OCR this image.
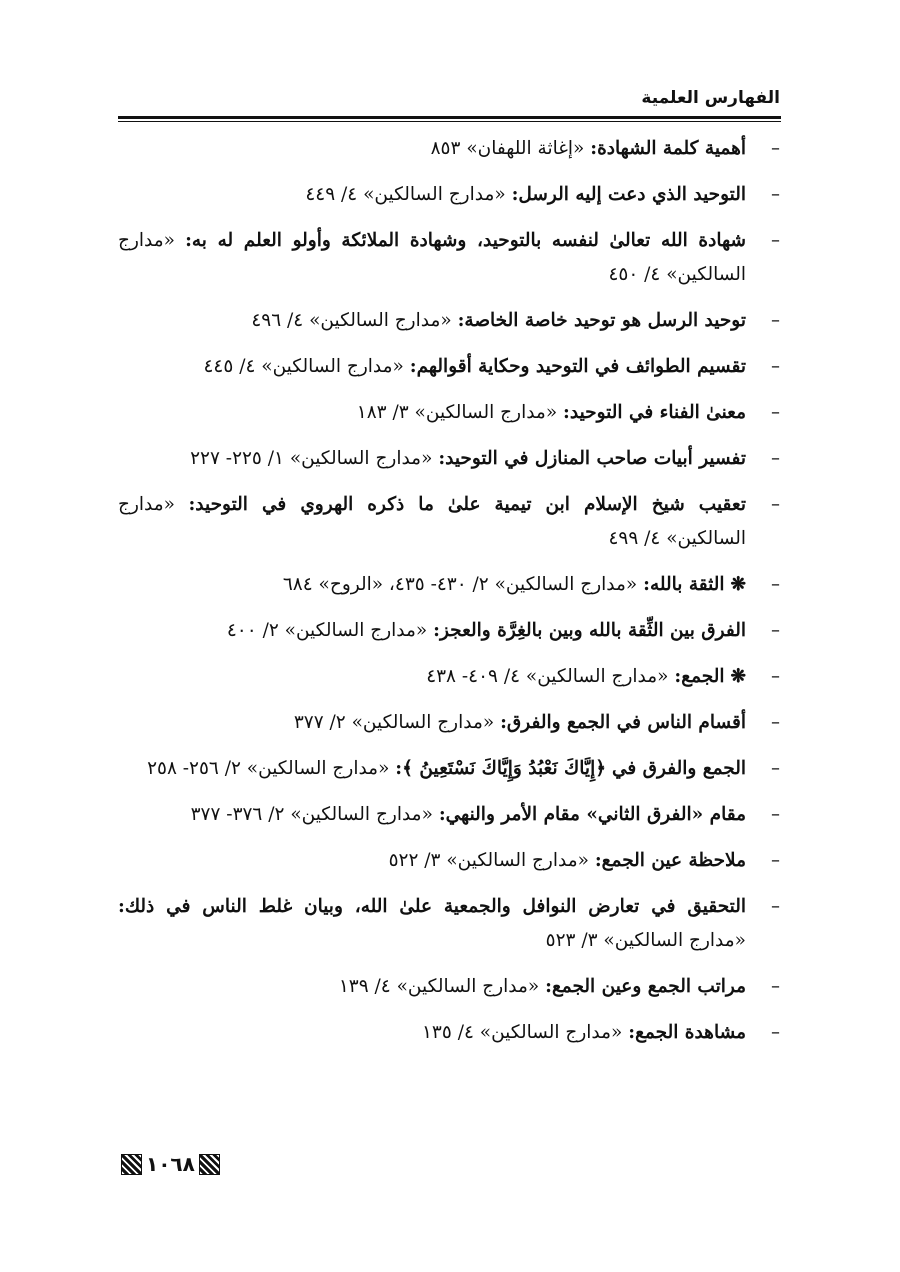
الفهارس العلمية
–
أهمية كلمة الشهادة: «إغاثة اللهفان» ٨٥٣
–
التوحيد الذي دعت إليه الرسل: «مدارج السالكين» ٤/ ٤٤٩
–
شهادة الله تعالىٰ لنفسه بالتوحيد، وشهادة الملائكة وأولو العلم له به: «مدارج السالكين» ٤/ ٤٥٠
–
توحيد الرسل هو توحيد خاصة الخاصة: «مدارج السالكين» ٤/ ٤٩٦
–
تقسيم الطوائف في التوحيد وحكاية أقوالهم: «مدارج السالكين» ٤/ ٤٤٥
–
معنىٰ الفناء في التوحيد: «مدارج السالكين» ٣/ ١٨٣
–
تفسير أبيات صاحب المنازل في التوحيد: «مدارج السالكين» ١/ ٢٢٥- ٢٢٧
–
تعقيب شيخ الإسلام ابن تيمية علىٰ ما ذكره الهروي في التوحيد: «مدارج السالكين» ٤/ ٤٩٩
–
❋الثقة بالله: «مدارج السالكين» ٢/ ٤٣٠- ٤٣٥، «الروح» ٦٨٤
–
الفرق بين الثِّقة بالله وبين بالغِرَّة والعجز: «مدارج السالكين» ٢/ ٤٠٠
–
❋الجمع: «مدارج السالكين» ٤/ ٤٠٩- ٤٣٨
–
أقسام الناس في الجمع والفرق: «مدارج السالكين» ٢/ ٣٧٧
–
الجمع والفرق في ﴿إِيَّاكَ نَعْبُدُ وَإِيَّاكَ نَسْتَعِينُ ﴾: «مدارج السالكين» ٢/ ٢٥٦- ٢٥٨
–
مقام «الفرق الثاني» مقام الأمر والنهي: «مدارج السالكين» ٢/ ٣٧٦- ٣٧٧
–
ملاحظة عين الجمع: «مدارج السالكين» ٣/ ٥٢٢
–
التحقيق في تعارض النوافل والجمعية علىٰ الله، وبيان غلط الناس في ذلك: «مدارج السالكين» ٣/ ٥٢٣
–
مراتب الجمع وعين الجمع: «مدارج السالكين» ٤/ ١٣٩
–
مشاهدة الجمع: «مدارج السالكين» ٤/ ١٣٥
١٠٦٨
